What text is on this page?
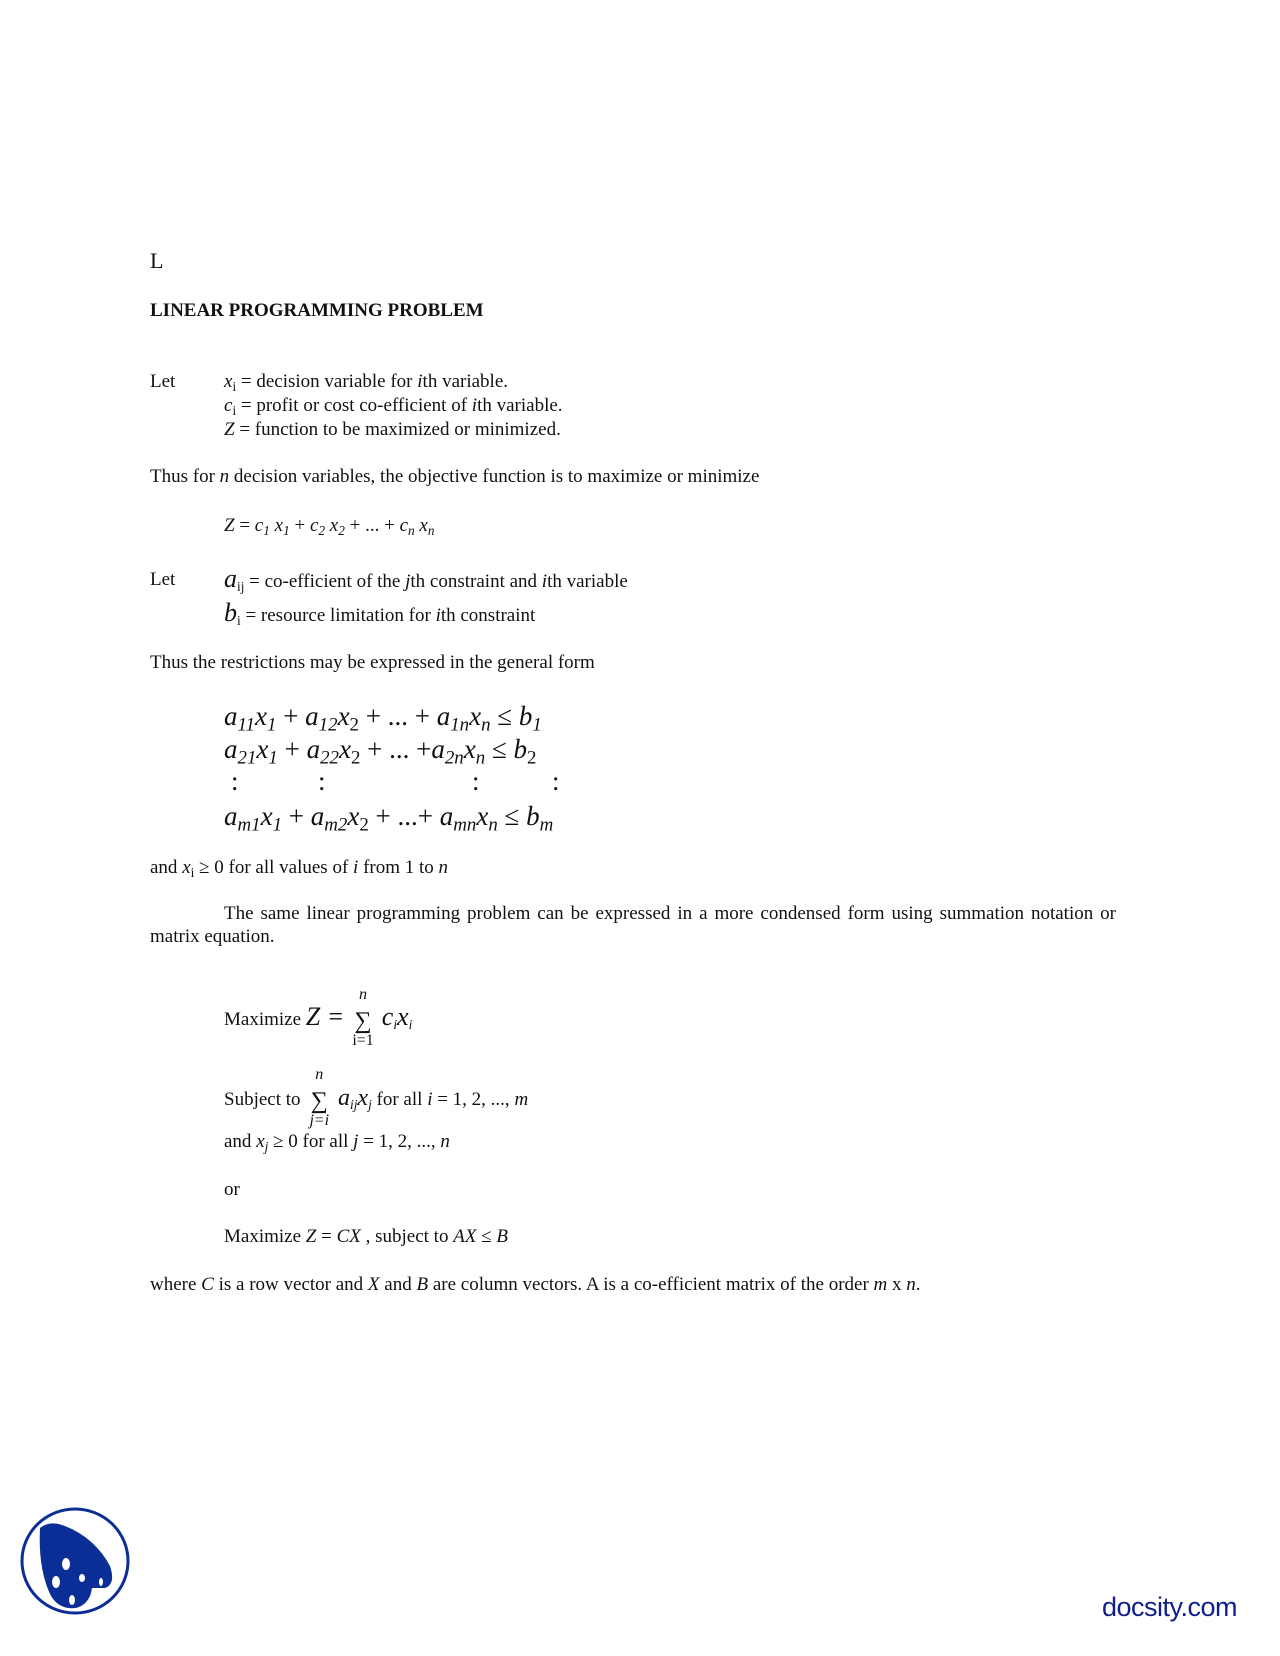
L
LINEAR PROGRAMMING PROBLEM
Let	$x_i$ = decision variable for ith variable.
$c_i$ = profit or cost co-efficient of ith variable.
Z = function to be maximized or minimized.
Thus for n decision variables, the objective function is to maximize or minimize
$Z = c_1$ $x_1 + c_2$ $x_2$ + ... + $c_n$ $x_n$
Let $a_{ij}$ = co-efficient of the jth constraint and ith variable
$b_i$ = resource limitation for ith constraint
Thus the restrictions may be expressed in the general form
$a_{11}x_1 + a_{12}x_2$ + ... + $a_{1n}x_n \le b_1$
$a_{21}x_1 + a_{22}x_2$ + ... $+a_{2n}x_n \le b_2$
:	:	:	:
$a_{m1}x_1 + a_{m2}x_2$ + ...+ $a_{mn}x_n \le b_m$
and $x_i \ge 0$ for all values of i from 1 to n
The same linear programming problem can be expressed in a more condensed form using summation notation or matrix equation.
Maximize Z =
n
∑
i=1
$c_ix_i$
Subject to
n
∑
j=i
$a_{ij}x_j$ for all i = 1, 2, ..., m
and $x_j \ge 0$ for all j = 1, 2, ..., n
or
Maximize Z = CX , subject to AX ≤ B
where C is a row vector and X and B are column vectors. A is a co-efficient matrix of the order m x n.
docsity.com
